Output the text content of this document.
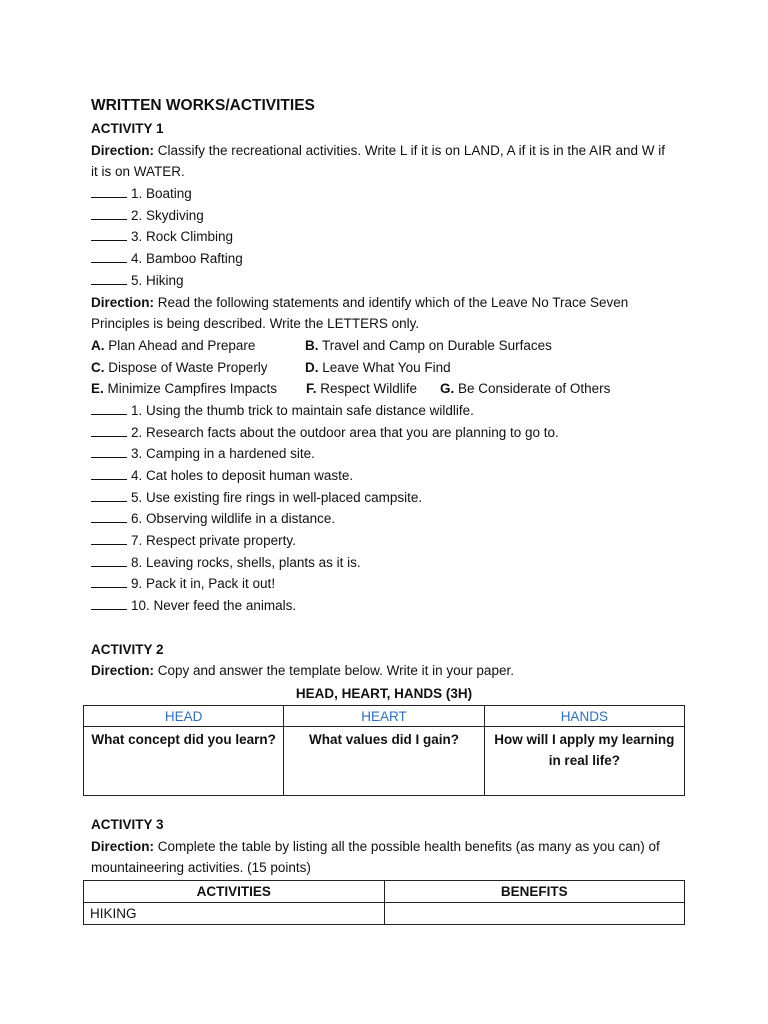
WRITTEN WORKS/ACTIVITIES
ACTIVITY 1
Direction: Classify the recreational activities. Write L if it is on LAND, A if it is in the AIR and W if
it is on WATER.
1. Boating
2. Skydiving
3. Rock Climbing
4. Bamboo Rafting
5. Hiking
Direction: Read the following statements and identify which of the Leave No Trace Seven
Principles is being described. Write the LETTERS only.
A. Plan Ahead and Prepare	B. Travel and Camp on Durable Surfaces
C. Dispose of Waste Properly	D. Leave What You Find
E. Minimize Campfires Impacts F. Respect Wildlife G. Be Considerate of Others
1. Using the thumb trick to maintain safe distance wildlife.
2. Research facts about the outdoor area that you are planning to go to.
3. Camping in a hardened site.
4. Cat holes to deposit human waste.
5. Use existing fire rings in well-placed campsite.
6. Observing wildlife in a distance.
7. Respect private property.
8. Leaving rocks, shells, plants as it is.
9. Pack it in, Pack it out!
10. Never feed the animals.
ACTIVITY 2
Direction: Copy and answer the template below. Write it in your paper.
HEAD, HEART, HANDS (3H)
HEAD	HEART	HANDS
What concept did you learn?	What values did I gain?	How will I apply my learning in real life?
ACTIVITY 3
Direction: Complete the table by listing all the possible health benefits (as many as you can) of
mountaineering activities. (15 points)
ACTIVITIES	BENEFITS
HIKING	
